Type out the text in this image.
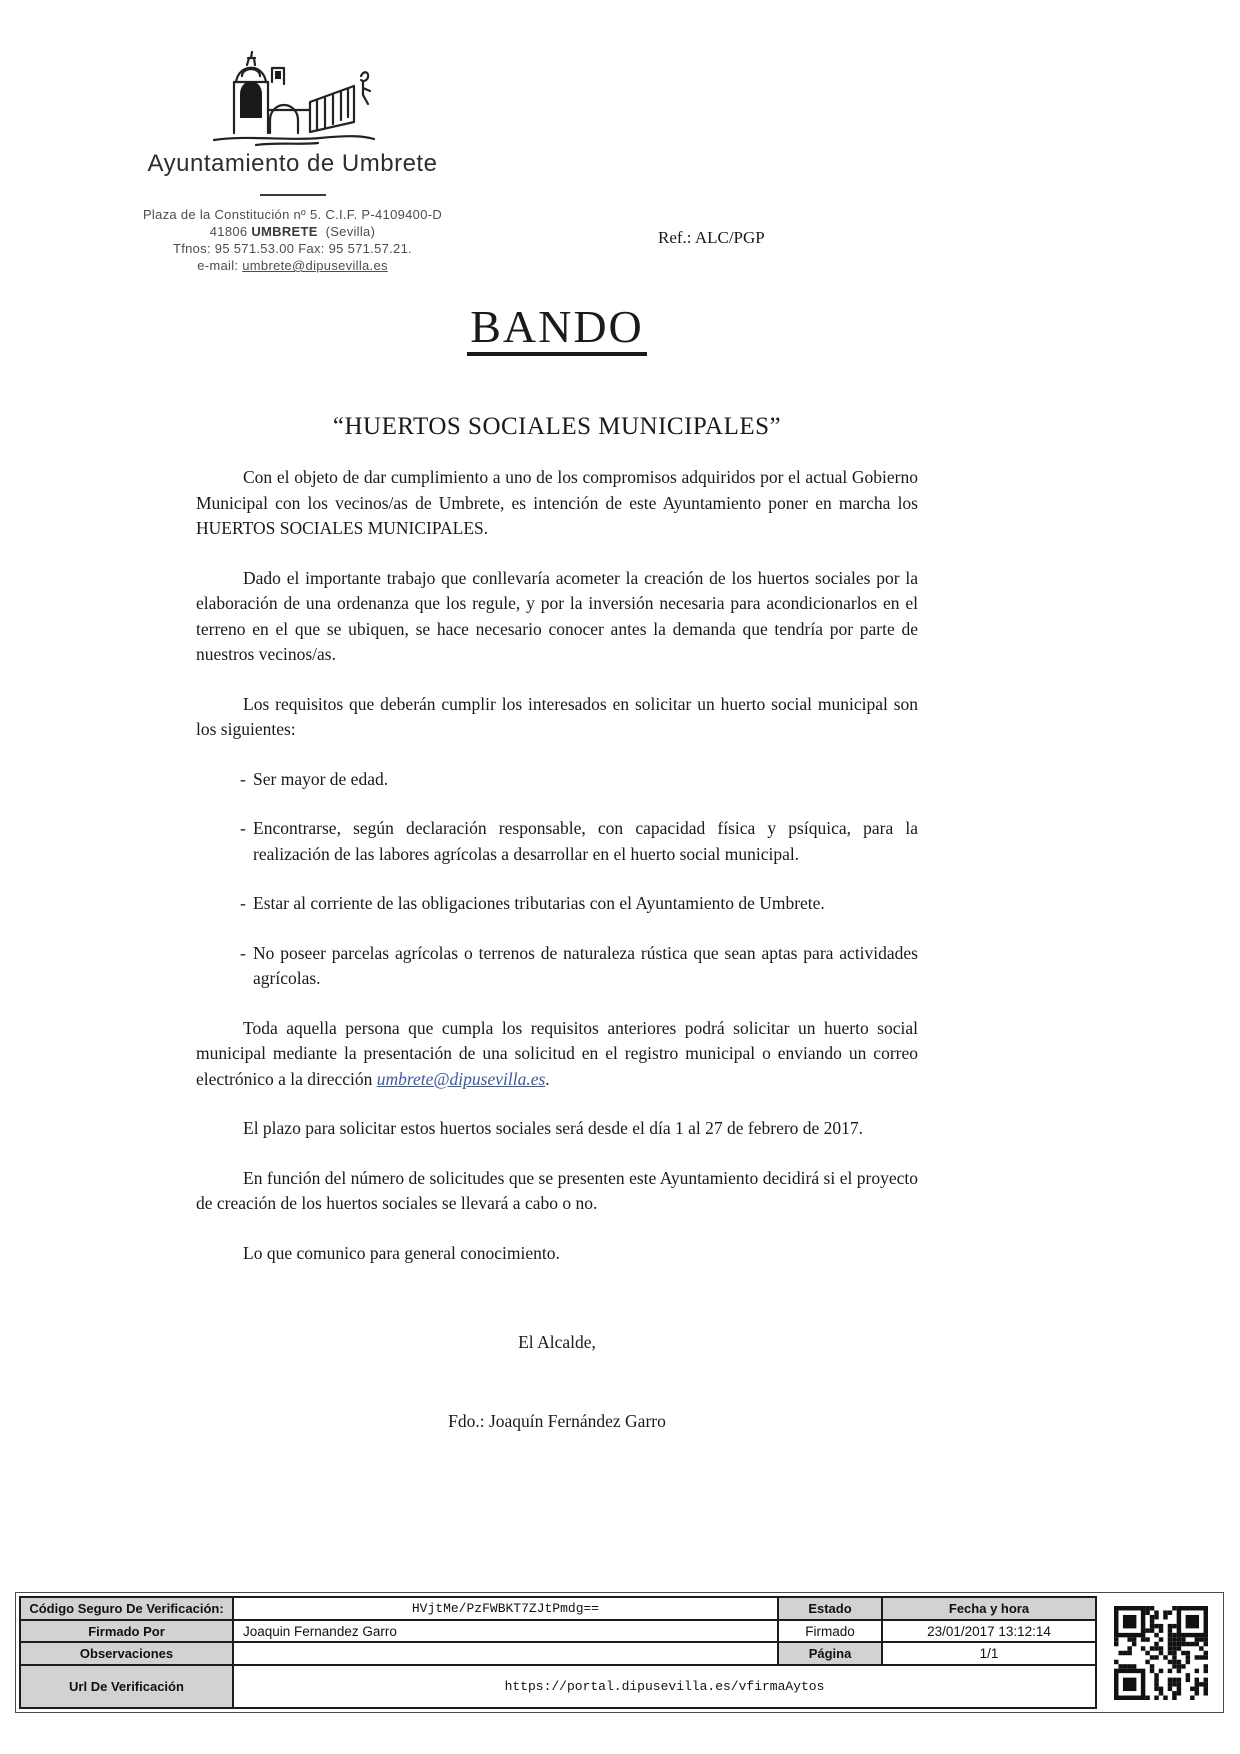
Ayuntamiento de Umbrete
Plaza de la Constitución nº 5. C.I.F. P-4109400-D
41806 UMBRETE (Sevilla)
Tfnos: 95 571.53.00 Fax: 95 571.57.21.
e-mail: umbrete@dipusevilla.es
Ref.: ALC/PGP
BANDO
“HUERTOS SOCIALES MUNICIPALES”

Con el objeto de dar cumplimiento a uno de los compromisos adquiridos por el actual Gobierno Municipal con los vecinos/as de Umbrete, es intención de este Ayuntamiento poner en marcha los HUERTOS SOCIALES MUNICIPALES.

Dado el importante trabajo que conllevaría acometer la creación de los huertos sociales por la elaboración de una ordenanza que los regule, y por la inversión necesaria para acondicionarlos en el terreno en el que se ubiquen, se hace necesario conocer antes la demanda que tendría por parte de nuestros vecinos/as.

Los requisitos que deberán cumplir los interesados en solicitar un huerto social municipal son los siguientes:

- Ser mayor de edad.
- Encontrarse, según declaración responsable, con capacidad física y psíquica, para la realización de las labores agrícolas a desarrollar en el huerto social municipal.
- Estar al corriente de las obligaciones tributarias con el Ayuntamiento de Umbrete.
- No poseer parcelas agrícolas o terrenos de naturaleza rústica que sean aptas para actividades agrícolas.

Toda aquella persona que cumpla los requisitos anteriores podrá solicitar un huerto social municipal mediante la presentación de una solicitud en el registro municipal o enviando un correo electrónico a la dirección umbrete@dipusevilla.es.

El plazo para solicitar estos huertos sociales será desde el día 1 al 27 de febrero de 2017.

En función del número de solicitudes que se presenten este Ayuntamiento decidirá si el proyecto de creación de los huertos sociales se llevará a cabo o no.

Lo que comunico para general conocimiento.

El Alcalde,

Fdo.: Joaquín Fernández Garro

Código Seguro De Verificación:	HVjtMe/PzFWBKT7ZJtPmdg==	Estado	Fecha y hora
Firmado Por	Joaquin Fernandez Garro	Firmado	23/01/2017 13:12:14
Observaciones		Página	1/1
Url De Verificación	https://portal.dipusevilla.es/vfirmaAytos		
